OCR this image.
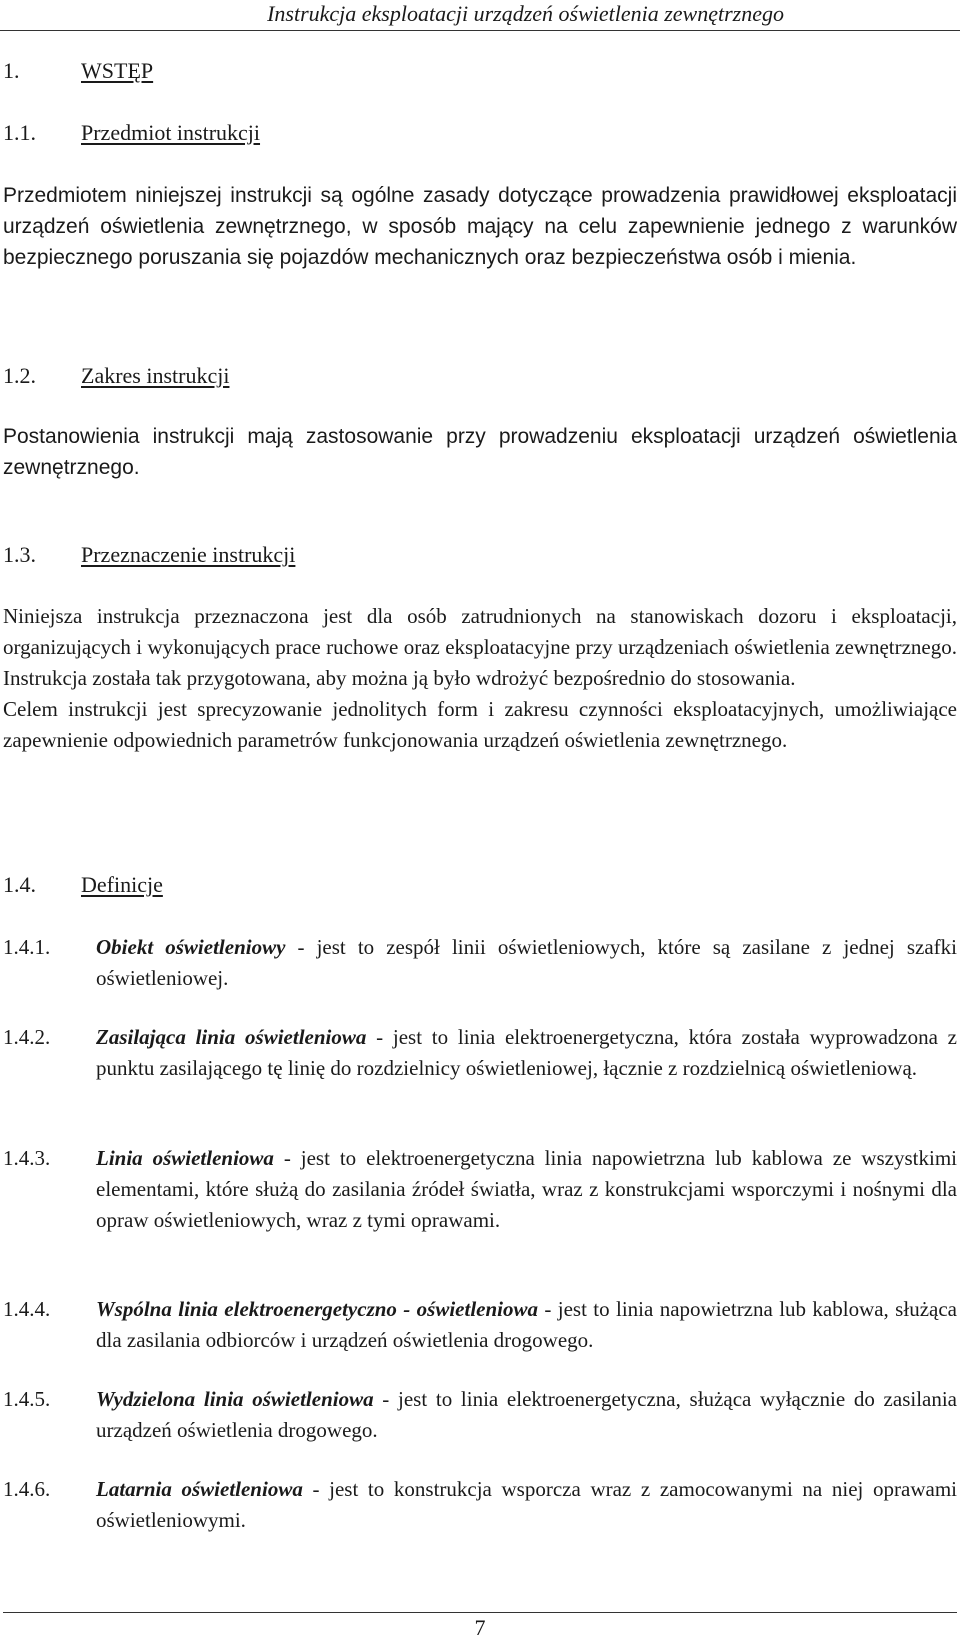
Instrukcja eksploatacji urządzeń oświetlenia zewnętrznego
1.	WSTĘP
1.1. Przedmiot instrukcji

Przedmiotem niniejszej instrukcji są ogólne zasady dotyczące prowadzenia prawidłowej eksploatacji urządzeń oświetlenia zewnętrznego, w sposób mający na celu zapewnienie jednego z warunków bezpiecznego poruszania się pojazdów mechanicznych oraz bezpieczeństwa osób i mienia.

1.2. Zakres instrukcji

Postanowienia instrukcji mają zastosowanie przy prowadzeniu eksploatacji urządzeń oświetlenia zewnętrznego.

1.3. Przeznaczenie instrukcji

Niniejsza instrukcja przeznaczona jest dla osób zatrudnionych na stanowiskach dozoru i eksploatacji, organizujących i wykonujących prace ruchowe oraz eksploatacyjne przy urządzeniach oświetlenia zewnętrznego. Instrukcja została tak przygotowana, aby można ją było wdrożyć bezpośrednio do stosowania.

Celem instrukcji jest sprecyzowanie jednolitych form i zakresu czynności eksploatacyjnych, umożliwiające zapewnienie odpowiednich parametrów funkcjonowania urządzeń oświetlenia zewnętrznego.

1.4. Definicje
1.4.1.	Obiekt oświetleniowy - jest to zespół linii oświetleniowych, które są zasilane z jednej szafki oświetleniowej.
1.4.2.	Zasilająca linia oświetleniowa - jest to linia elektroenergetyczna, która została wyprowadzona z punktu zasilającego tę linię do rozdzielnicy oświetleniowej, łącznie z rozdzielnicą oświetleniową.
1.4.3.	Linia oświetleniowa - jest to elektroenergetyczna linia napowietrzna lub kablowa ze wszystkimi elementami, które służą do zasilania źródeł światła, wraz z konstrukcjami wsporczymi i nośnymi dla opraw oświetleniowych, wraz z tymi oprawami.
1.4.4.	Wspólna linia elektroenergetyczno - oświetleniowa - jest to linia napowietrzna lub kablowa, służąca dla zasilania odbiorców i urządzeń oświetlenia drogowego.
1.4.5.	Wydzielona linia oświetleniowa - jest to linia elektroenergetyczna, służąca wyłącznie do zasilania urządzeń oświetlenia drogowego.
1.4.6.	Latarnia oświetleniowa - jest to konstrukcja wsporcza wraz z zamocowanymi na niej oprawami oświetleniowymi.
7
